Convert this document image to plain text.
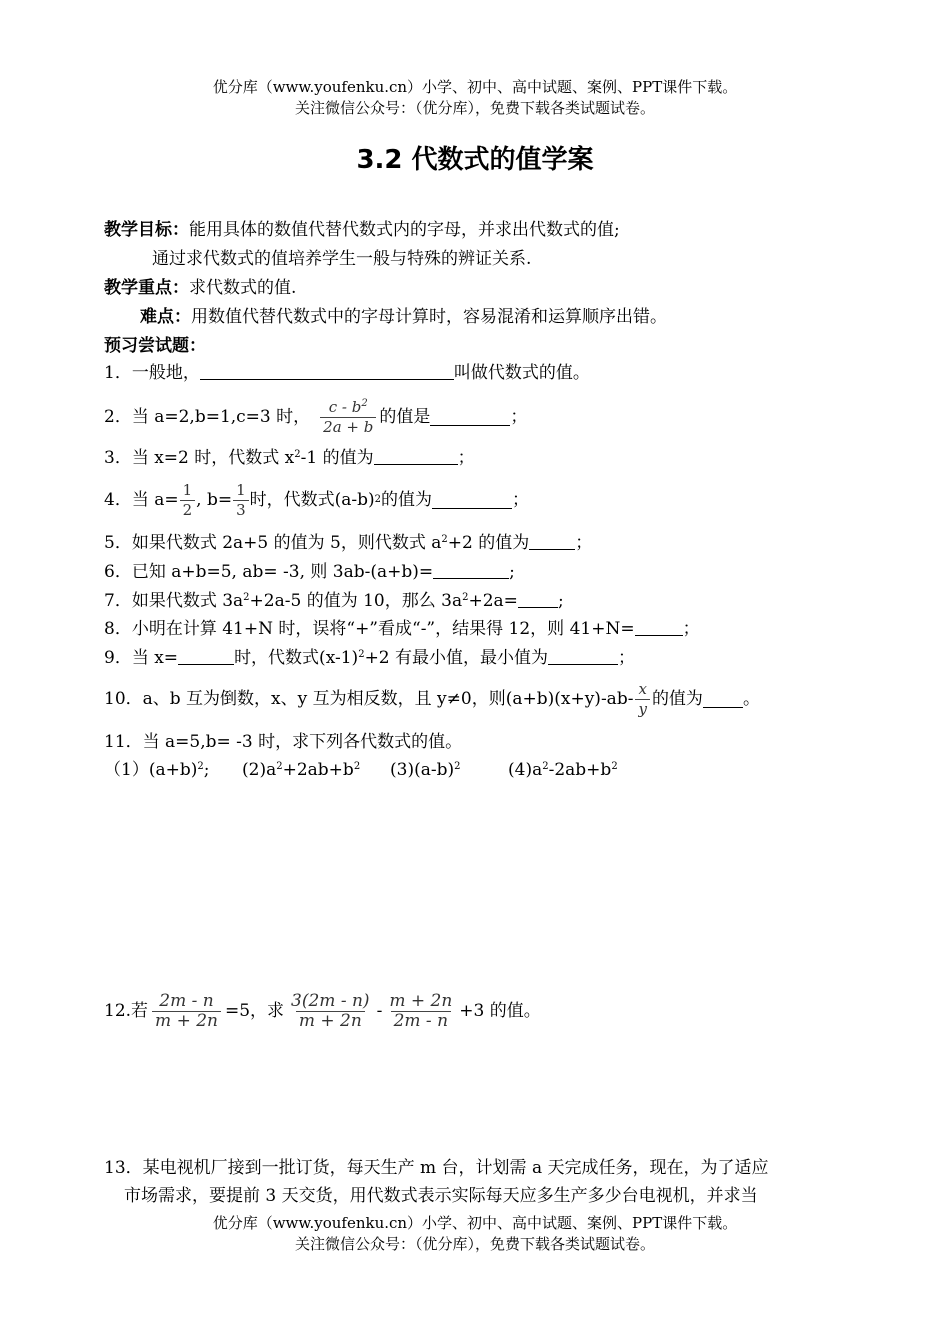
优分库（www.youfenku.cn）小学、初中、高中试题、案例、PPT课件下载。
关注微信公众号：（优分库），免费下载各类试题试卷。
3.2 代数式的值学案
教学目标：能用具体的数值代替代数式内的字母，并求出代数式的值;
通过求代数式的值培养学生一般与特殊的辨证关系.
教学重点：求代数式的值.
难点：用数值代替代数式中的字母计算时，容易混淆和运算顺序出错。
预习尝试题：
1．一般地，	叫做代数式的值。
2．当 a=2,b=1,c=3 时， $\frac{c - b^2}{2a + b}$ 的值是	；
3．当 x=2 时，代数式 $x^2-1$ 的值为	；
4．当 $a= \frac{1}{2}$ , $b= \frac{1}{3}$ 时，代数式(a-b) 2 的值为	；
5．如果代数式 2a+5 的值为 5，则代数式 $a^2+2$ 的值为	；
6．已知 a+b=5, ab= -3, 则 3ab-(a+b)=	;
7．如果代数式 $3a^2+2a-5$ 的值为 10，那么 $3a^2+2a=$ ;
8．小明在计算 41+N 时，误将“+”看成“-”，结果得 12，则 41+N=	；
9．当 x=	时，代数式$(x-1)^2+2$ 有最小值，最小值为	；
10．a、b 互为倒数，x、y 互为相反数，且 y≠0，则$(a+b)(x+y)-ab- \frac{x}{y}$ 的值为 。
11．当 a=5,b= -3 时，求下列各代数式的值。
$(1)(a+b)^2$; $(2)a^2+2ab+b^2$ $(3)(a-b)^2$	$(4)a^2-2ab+b^2$
12.若 $\frac{2m - n}{m + 2n} =5$，求 $\frac{3(2m - n)}{m + 2n} - \frac{m + 2n}{2m - n} +3$ 的值。
13．某电视机厂接到一批订货，每天生产 m 台，计划需 a 天完成任务，现在，为了适应
市场需求，要提前 3 天交货，用代数式表示实际每天应多生产多少台电视机，并求当
优分库（www.youfenku.cn）小学、初中、高中试题、案例、PPT课件下载。
关注微信公众号：（优分库），免费下载各类试题试卷。
